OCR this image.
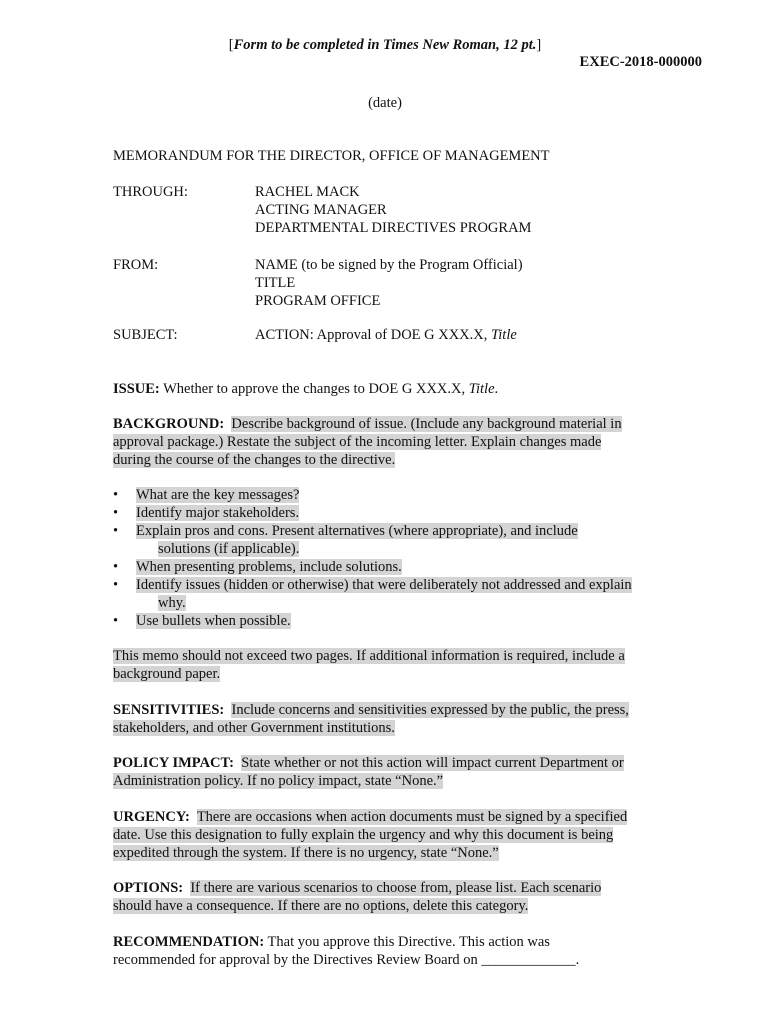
[Form to be completed in Times New Roman, 12 pt.]
EXEC-2018-000000
(date)
MEMORANDUM FOR THE DIRECTOR, OFFICE OF MANAGEMENT
THROUGH:	RACHEL MACK
ACTING MANAGER
DEPARTMENTAL DIRECTIVES PROGRAM
FROM:	NAME (to be signed by the Program Official)
TITLE
PROGRAM OFFICE
SUBJECT:	ACTION: Approval of DOE G XXX.X, Title
ISSUE: Whether to approve the changes to DOE G XXX.X, Title.
BACKGROUND: Describe background of issue. (Include any background material in
approval package.) Restate the subject of the incoming letter. Explain changes made
during the course of the changes to the directive.
• What are the key messages?
• Identify major stakeholders.
• Explain pros and cons. Present alternatives (where appropriate), and include
solutions (if applicable).
• When presenting problems, include solutions.
• Identify issues (hidden or otherwise) that were deliberately not addressed and explain
why.
• Use bullets when possible.
This memo should not exceed two pages. If additional information is required, include a
background paper.
SENSITIVITIES: Include concerns and sensitivities expressed by the public, the press,
stakeholders, and other Government institutions.
POLICY IMPACT: State whether or not this action will impact current Department or
Administration policy. If no policy impact, state “None.”
URGENCY: There are occasions when action documents must be signed by a specified
date. Use this designation to fully explain the urgency and why this document is being
expedited through the system. If there is no urgency, state “None.”
OPTIONS: If there are various scenarios to choose from, please list. Each scenario
should have a consequence. If there are no options, delete this category.
RECOMMENDATION: That you approve this Directive. This action was
recommended for approval by the Directives Review Board on _____________.
